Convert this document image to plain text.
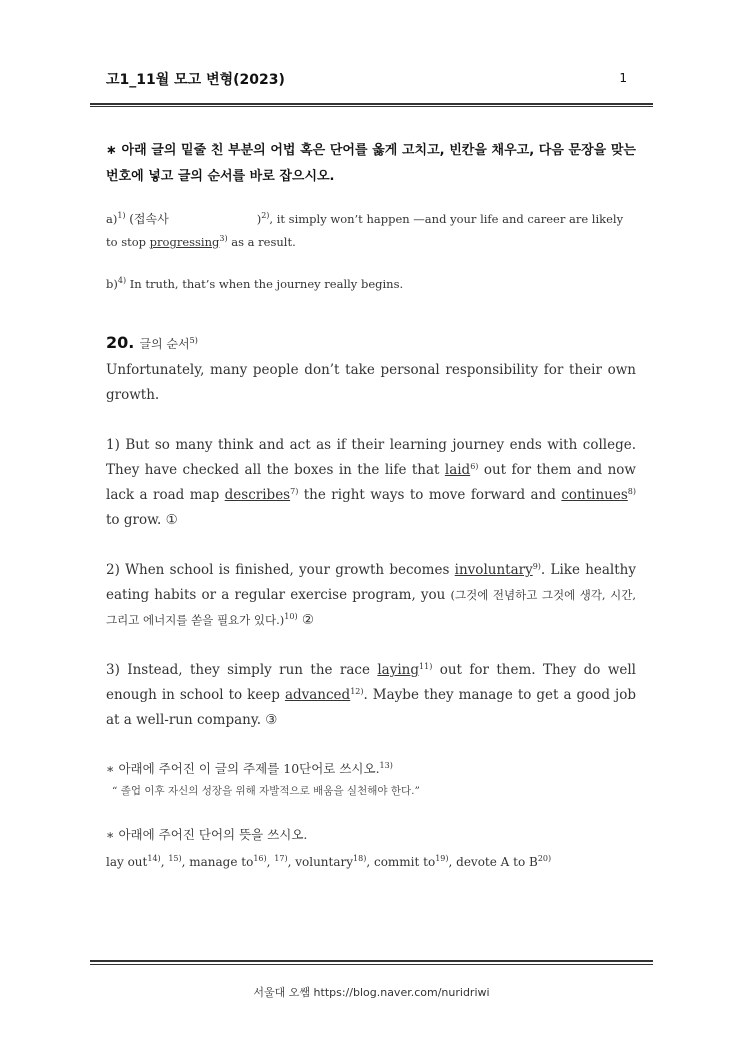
고1_11월 모고 변형(2023)	1
∗ 아래 글의 밑줄 친 부분의 어법 혹은 단어를 옳게 고치고, 빈칸을 채우고, 다음 문장을 맞는 번호에 넣고 글의 순서를 바로 잡으시오.
a)$^{1)}$ (접속사	)$^{2)}$, it simply won’t happen —and your life and career are likely to stop progressing$^{3)}$ as a result.
b)$^{4)}$ In truth, that’s when the journey really begins.
20. 글의 순서$^{5)}$
Unfortunately, many people don’t take personal responsibility for their own growth.
1) But so many think and act as if their learning journey ends with college. They have checked all the boxes in the life that laid$^{6)}$ out for them and now lack a road map describes$^{7)}$ the right ways to move forward and continues$^{8)}$ to grow. ①
2) When school is finished, your growth becomes involuntary$^{9)}$. Like healthy eating habits or a regular exercise program, you (그것에 전념하고 그것에 생각, 시간, 그리고 에너지를 쏟을 필요가 있다.)$^{10)}$ ②
3) Instead, they simply run the race laying$^{11)}$ out for them. They do well enough in school to keep advanced$^{12)}$. Maybe they manage to get a good job at a well-run company. ③
∗ 아래에 주어진 이 글의 주제를 10단어로 쓰시오.$^{13)}$
“ 졸업 이후 자신의 성장을 위해 자발적으로 배움을 실천해야 한다.”
∗ 아래에 주어진 단어의 뜻을 쓰시오.
lay out$^{14)}$, $^{15)}$, manage $to^{16)}$, $^{17)}$, voluntary$^{18)}$, commit $to^{19)}$, devote A to $B^{20)}$
서울대 오쌤 https://blog.naver.com/nuridriwi
